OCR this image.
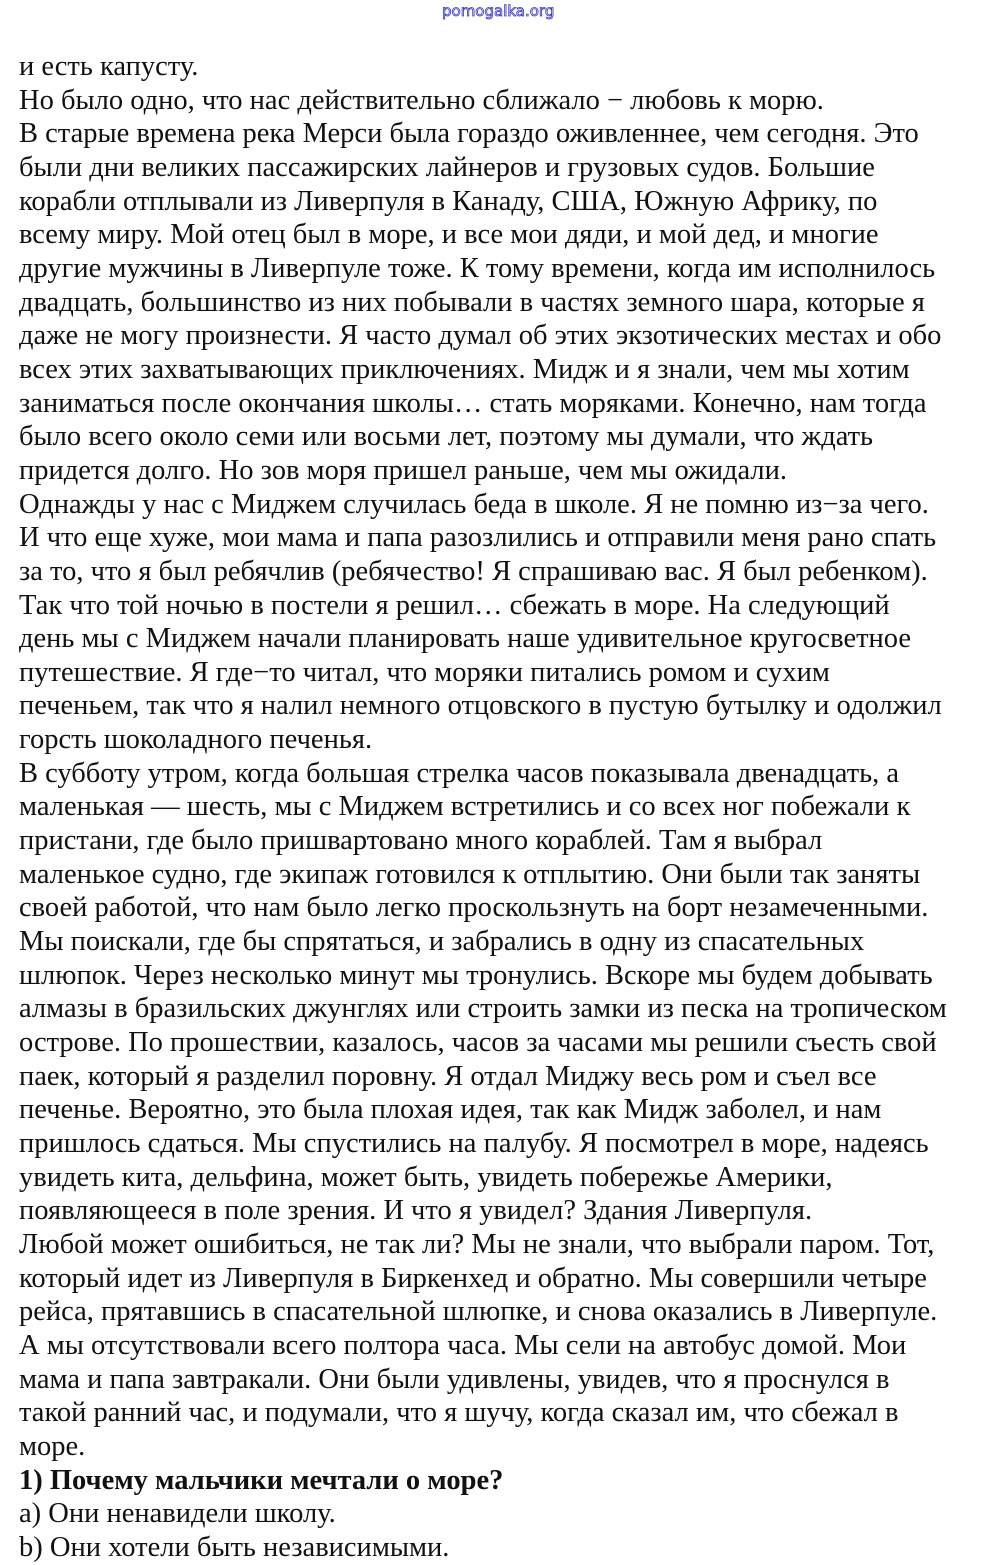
pomogalka.org
и есть капусту.
Но было одно, что нас действительно сближало − любовь к морю.
В старые времена река Мерси была гораздо оживленнее, чем сегодня. Это
были дни великих пассажирских лайнеров и грузовых судов. Большие
корабли отплывали из Ливерпуля в Канаду, США, Южную Африку, по
всему миру. Мой отец был в море, и все мои дяди, и мой дед, и многие
другие мужчины в Ливерпуле тоже. К тому времени, когда им исполнилось
двадцать, большинство из них побывали в частях земного шара, которые я
даже не могу произнести. Я часто думал об этих экзотических местах и обо
всех этих захватывающих приключениях. Мидж и я знали, чем мы хотим
заниматься после окончания школы… стать моряками. Конечно, нам тогда
было всего около семи или восьми лет, поэтому мы думали, что ждать
придется долго. Но зов моря пришел раньше, чем мы ожидали.
Однажды у нас с Миджем случилась беда в школе. Я не помню из−за чего.
И что еще хуже, мои мама и папа разозлились и отправили меня рано спать
за то, что я был ребячлив (ребячество! Я спрашиваю вас. Я был ребенком).
Так что той ночью в постели я решил… сбежать в море. На следующий
день мы с Миджем начали планировать наше удивительное кругосветное
путешествие. Я где−то читал, что моряки питались ромом и сухим
печеньем, так что я налил немного отцовского в пустую бутылку и одолжил
горсть шоколадного печенья.
В субботу утром, когда большая стрелка часов показывала двенадцать, а
маленькая — шесть, мы с Миджем встретились и со всех ног побежали к
пристани, где было пришвартовано много кораблей. Там я выбрал
маленькое судно, где экипаж готовился к отплытию. Они были так заняты
своей работой, что нам было легко проскользнуть на борт незамеченными.
Мы поискали, где бы спрятаться, и забрались в одну из спасательных
шлюпок. Через несколько минут мы тронулись. Вскоре мы будем добывать
алмазы в бразильских джунглях или строить замки из песка на тропическом
острове. По прошествии, казалось, часов за часами мы решили съесть свой
паек, который я разделил поровну. Я отдал Миджу весь ром и съел все
печенье. Вероятно, это была плохая идея, так как Мидж заболел, и нам
пришлось сдаться. Мы спустились на палубу. Я посмотрел в море, надеясь
увидеть кита, дельфина, может быть, увидеть побережье Америки,
появляющееся в поле зрения. И что я увидел? Здания Ливерпуля.
Любой может ошибиться, не так ли? Мы не знали, что выбрали паром. Тот,
который идет из Ливерпуля в Биркенхед и обратно. Мы совершили четыре
рейса, прятавшись в спасательной шлюпке, и снова оказались в Ливерпуле.
А мы отсутствовали всего полтора часа. Мы сели на автобус домой. Мои
мама и папа завтракали. Они были удивлены, увидев, что я проснулся в
такой ранний час, и подумали, что я шучу, когда сказал им, что сбежал в
море.
1) Почему мальчики мечтали о море?
a) Они ненавидели школу.
b) Они хотели быть независимыми.
